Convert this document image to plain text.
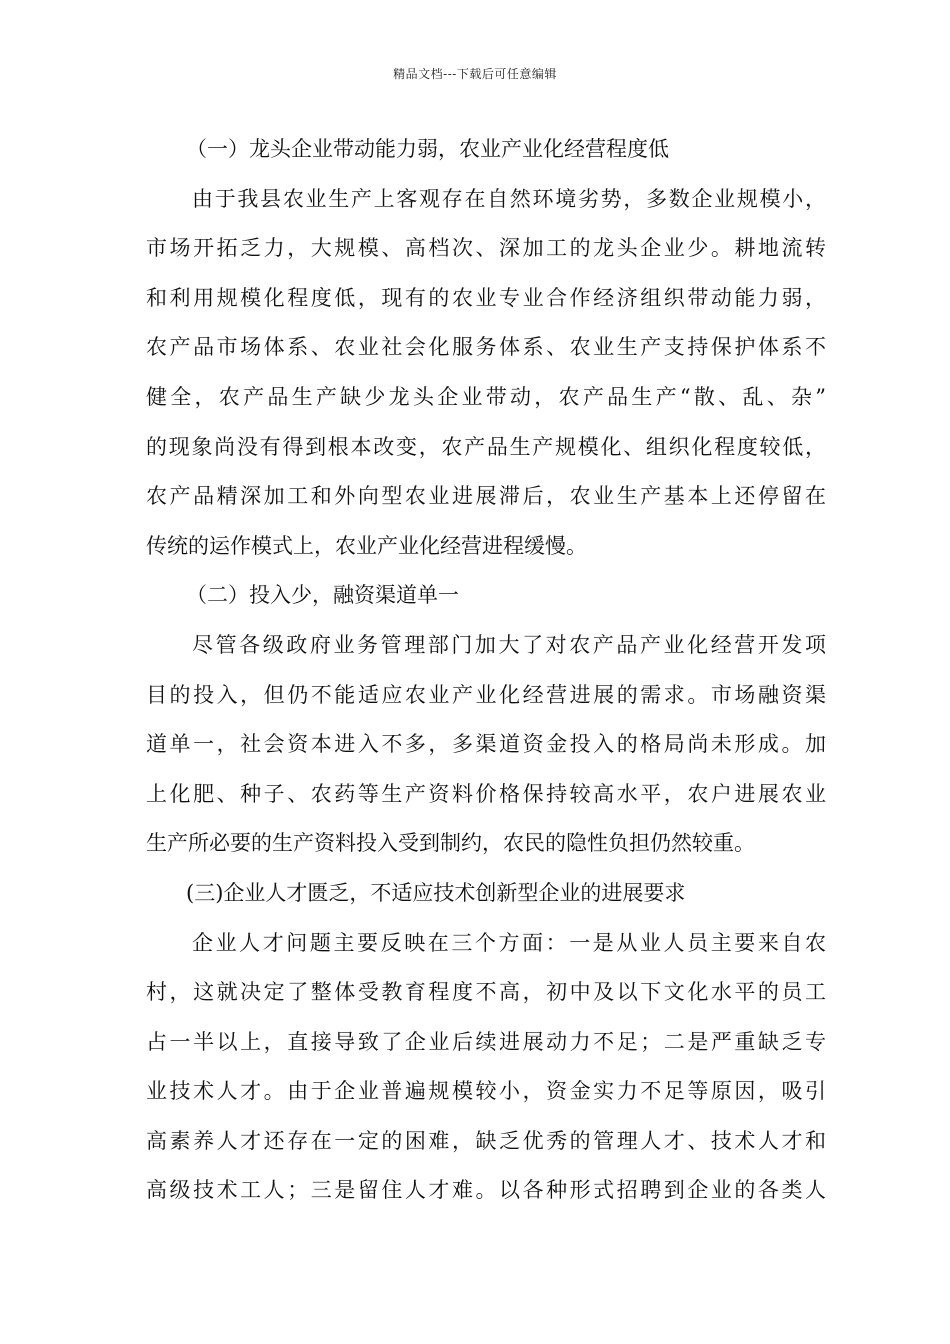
精品文档---下载后可任意编辑
（一）龙头企业带动能力弱，农业产业化经营程度低
由于我县农业生产上客观存在自然环境劣势，多数企业规模小，
市场开拓乏力，大规模、高档次、深加工的龙头企业少。耕地流转
和利用规模化程度低，现有的农业专业合作经济组织带动能力弱，
农产品市场体系、农业社会化服务体系、农业生产支持保护体系不
健全，农产品生产缺少龙头企业带动，农产品生产“散、乱、杂”
的现象尚没有得到根本改变，农产品生产规模化、组织化程度较低，
农产品精深加工和外向型农业进展滞后，农业生产基本上还停留在
传统的运作模式上，农业产业化经营进程缓慢。
（二）投入少，融资渠道单一
尽管各级政府业务管理部门加大了对农产品产业化经营开发项
目的投入，但仍不能适应农业产业化经营进展的需求。市场融资渠
道单一，社会资本进入不多，多渠道资金投入的格局尚未形成。加
上化肥、种子、农药等生产资料价格保持较高水平，农户进展农业
生产所必要的生产资料投入受到制约，农民的隐性负担仍然较重。
(三)企业人才匮乏，不适应技术创新型企业的进展要求
企业人才问题主要反映在三个方面：一是从业人员主要来自农
村，这就决定了整体受教育程度不高，初中及以下文化水平的员工
占一半以上，直接导致了企业后续进展动力不足；二是严重缺乏专
业技术人才。由于企业普遍规模较小，资金实力不足等原因，吸引
高素养人才还存在一定的困难，缺乏优秀的管理人才、技术人才和
高级技术工人；三是留住人才难。以各种形式招聘到企业的各类人
